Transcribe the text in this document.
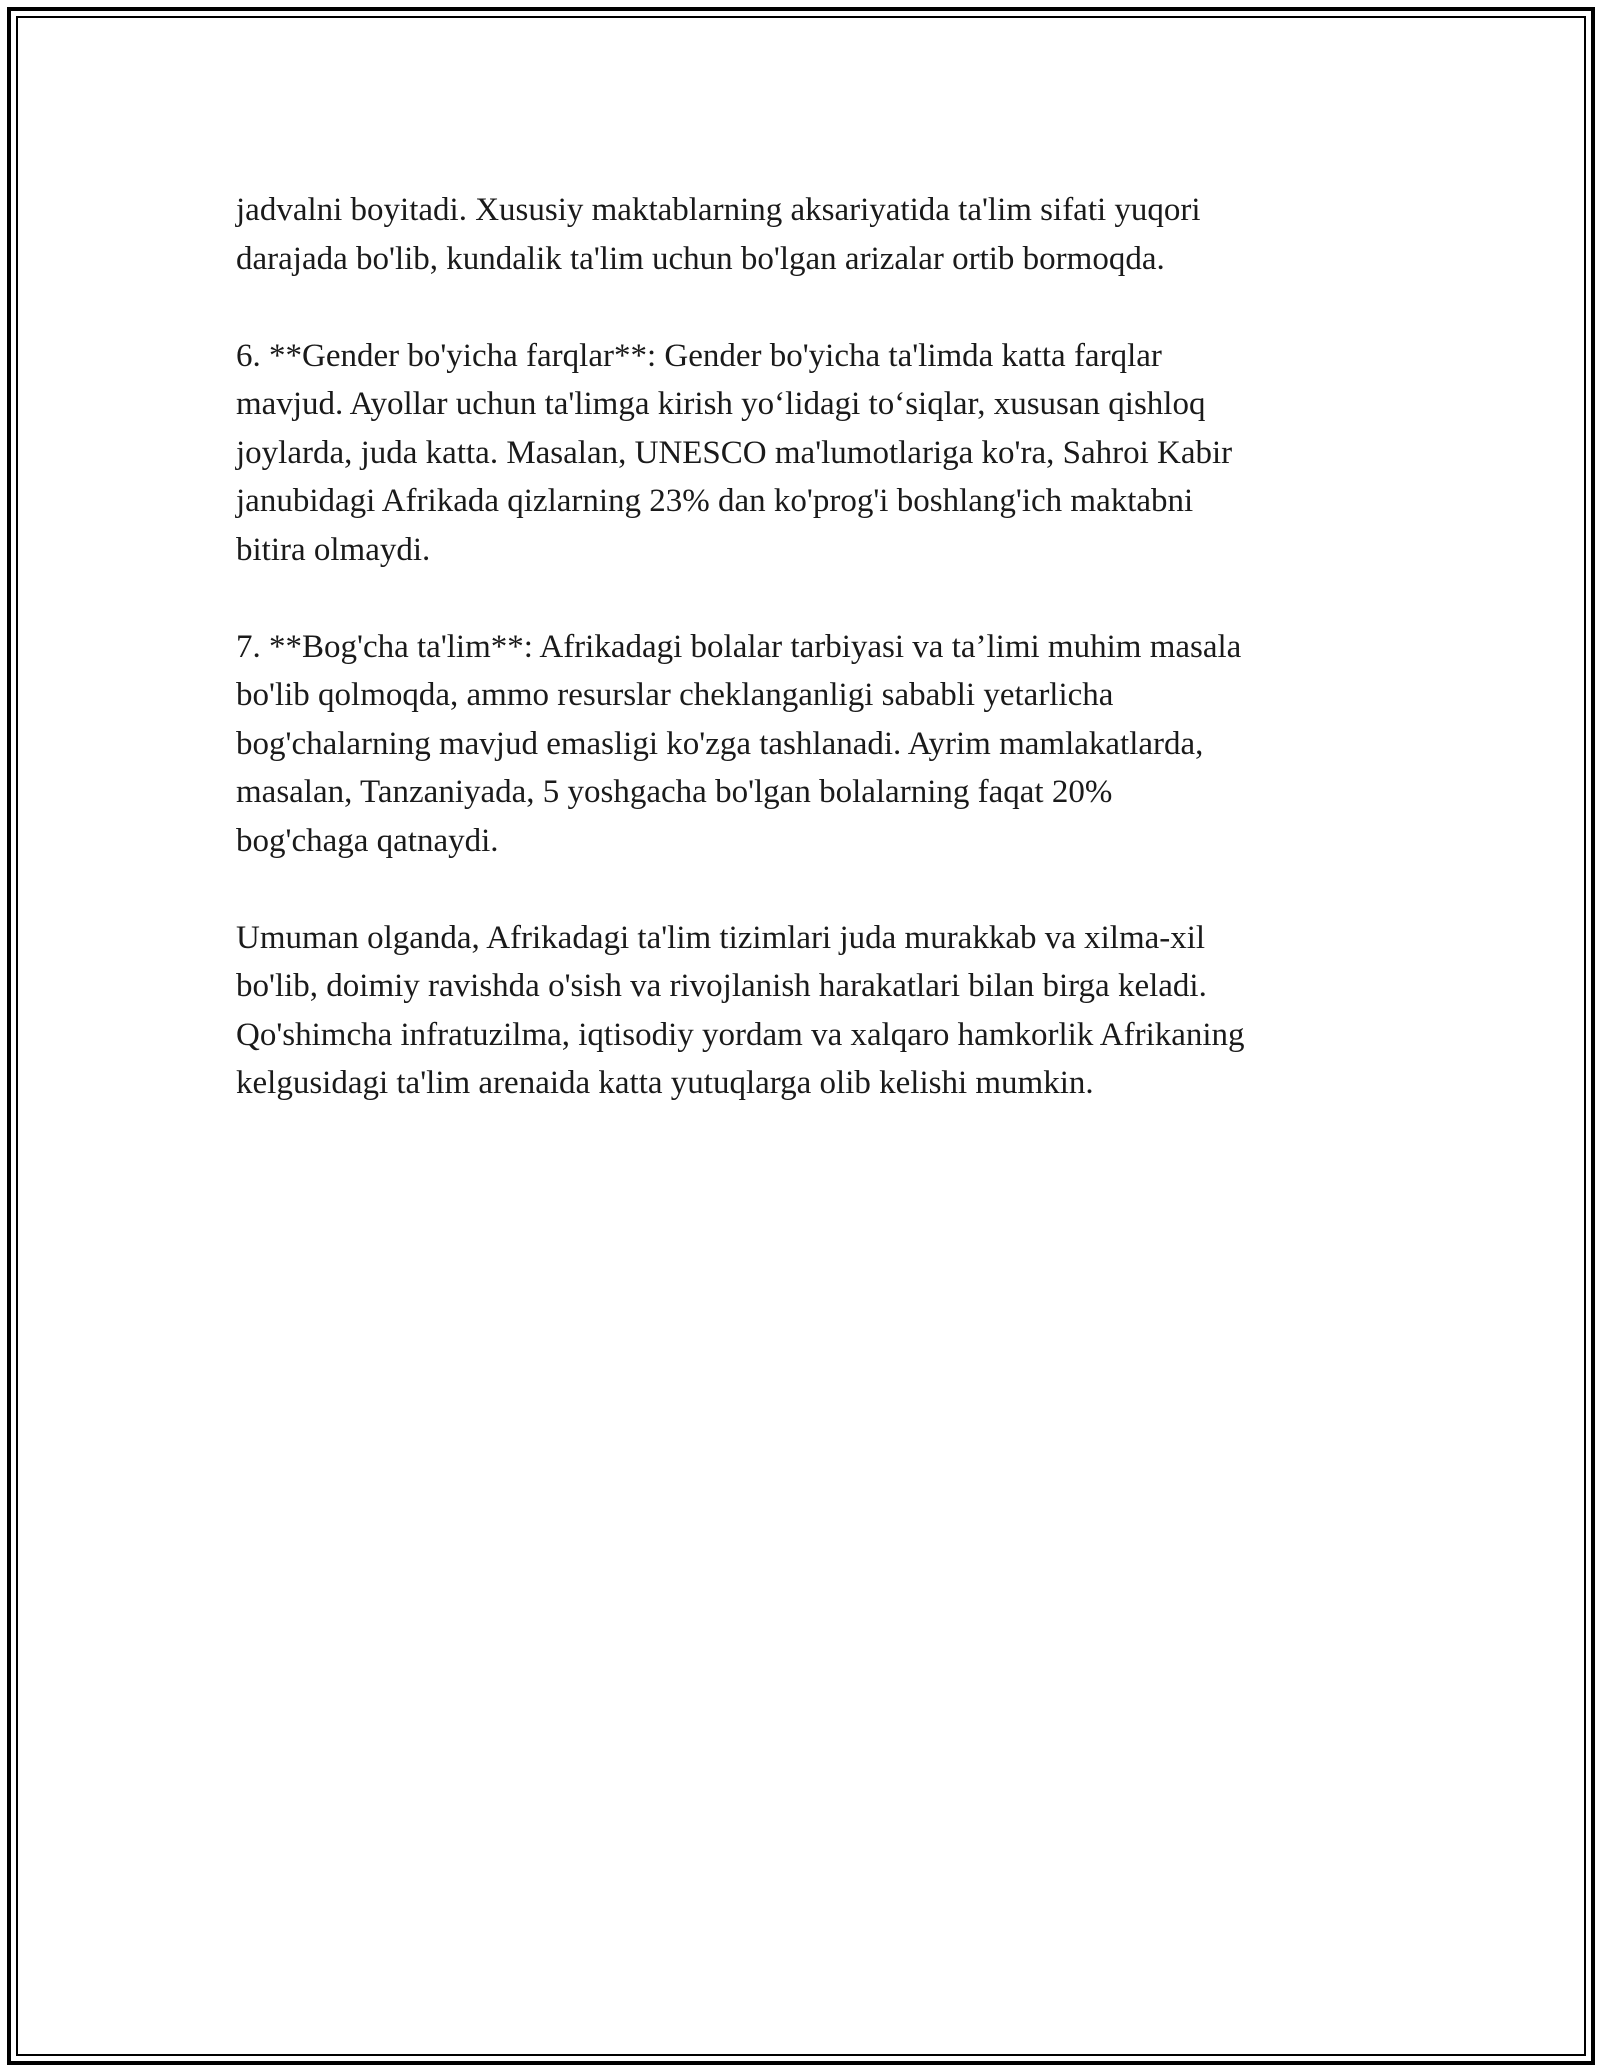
jadvalni boyitadi. Xususiy maktablarning aksariyatida ta'lim sifati yuqori
darajada bo'lib, kundalik ta'lim uchun bo'lgan arizalar ortib bormoqda.

6. **Gender bo'yicha farqlar**: Gender bo'yicha ta'limda katta farqlar
mavjud. Ayollar uchun ta'limga kirish yo‘lidagi to‘siqlar, xususan qishloq
joylarda, juda katta. Masalan, UNESCO ma'lumotlariga ko'ra, Sahroi Kabir
janubidagi Afrikada qizlarning 23% dan ko'prog'i boshlang'ich maktabni
bitira olmaydi.

7. **Bog'cha ta'lim**: Afrikadagi bolalar tarbiyasi va ta’limi muhim masala
bo'lib qolmoqda, ammo resurslar cheklanganligi sababli yetarlicha
bog'chalarning mavjud emasligi ko'zga tashlanadi. Ayrim mamlakatlarda,
masalan, Tanzaniyada, 5 yoshgacha bo'lgan bolalarning faqat 20%
bog'chaga qatnaydi.

Umuman olganda, Afrikadagi ta'lim tizimlari juda murakkab va xilma-xil
bo'lib, doimiy ravishda o'sish va rivojlanish harakatlari bilan birga keladi.
Qo'shimcha infratuzilma, iqtisodiy yordam va xalqaro hamkorlik Afrikaning
kelgusidagi ta'lim arenaida katta yutuqlarga olib kelishi mumkin.
